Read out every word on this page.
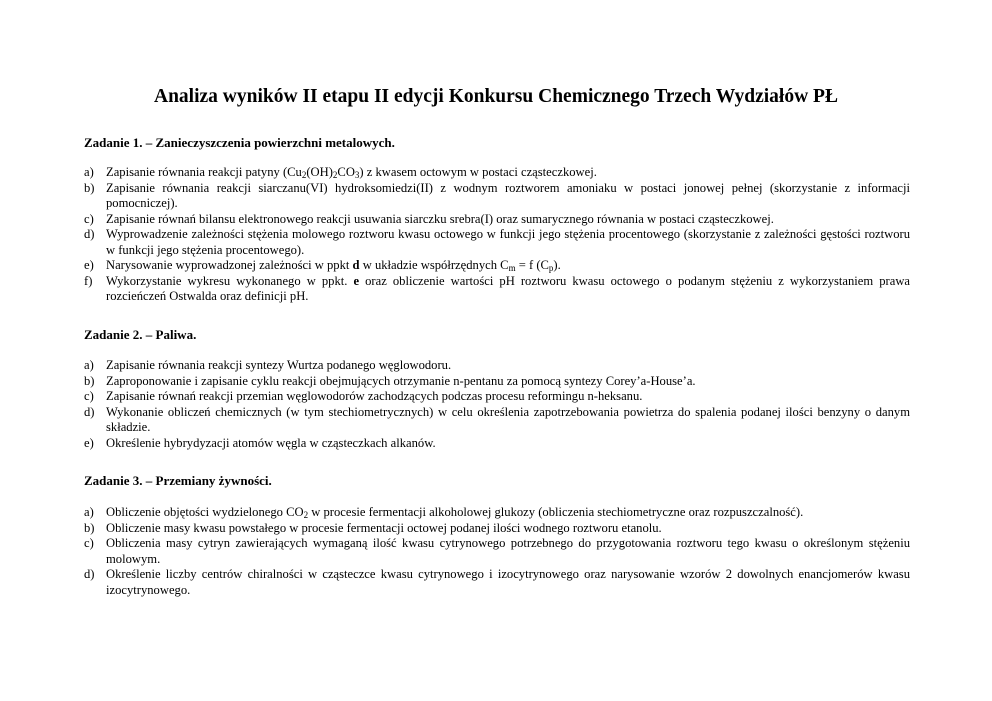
Analiza wyników II etapu II edycji Konkursu Chemicznego Trzech Wydziałów PŁ
Zadanie 1. – Zanieczyszczenia powierzchni metalowych.
a) Zapisanie równania reakcji patyny $(Cu_2(OH)_2CO_3)$ z kwasem octowym w postaci cząsteczkowej.
b) Zapisanie równania reakcji siarczanu(VI) hydroksomiedzi(II) z wodnym roztworem amoniaku w postaci jonowej pełnej (skorzystanie z informacji pomocniczej).
c) Zapisanie równań bilansu elektronowego reakcji usuwania siarczku srebra(I) oraz sumarycznego równania w postaci cząsteczkowej.
d) Wyprowadzenie zależności stężenia molowego roztworu kwasu octowego w funkcji jego stężenia procentowego (skorzystanie z zależności gęstości roztworu w funkcji jego stężenia procentowego).
e) Narysowanie wyprowadzonej zależności w ppkt d w układzie współrzędnych $C_m = f$ $(C_p)$.
f)	Wykorzystanie wykresu wykonanego w ppkt. e oraz obliczenie wartości pH roztworu kwasu octowego o podanym stężeniu z wykorzystaniem prawa rozcieńczeń Ostwalda oraz definicji pH.
Zadanie 2. – Paliwa.
a) Zapisanie równania reakcji syntezy Wurtza podanego węglowodoru.
b) Zaproponowanie i zapisanie cyklu reakcji obejmujących otrzymanie n-pentanu za pomocą syntezy Corey’a-House’a.
c) Zapisanie równań reakcji przemian węglowodorów zachodzących podczas procesu reformingu n-heksanu.
d) Wykonanie obliczeń chemicznych (w tym stechiometrycznych) w celu określenia zapotrzebowania powietrza do spalenia podanej ilości benzyny o danym składzie.
e) Określenie hybrydyzacji atomów węgla w cząsteczkach alkanów.
Zadanie 3. – Przemiany żywności.
a) Obliczenie objętości wydzielonego $CO_2$ w procesie fermentacji alkoholowej glukozy (obliczenia stechiometryczne oraz rozpuszczalność).
b) Obliczenie masy kwasu powstałego w procesie fermentacji octowej podanej ilości wodnego roztworu etanolu.
c) Obliczenia masy cytryn zawierających wymaganą ilość kwasu cytrynowego potrzebnego do przygotowania roztworu tego kwasu o określonym stężeniu molowym.
d) Określenie liczby centrów chiralności w cząsteczce kwasu cytrynowego i izocytrynowego oraz narysowanie wzorów 2 dowolnych enancjomerów kwasu izocytrynowego.
